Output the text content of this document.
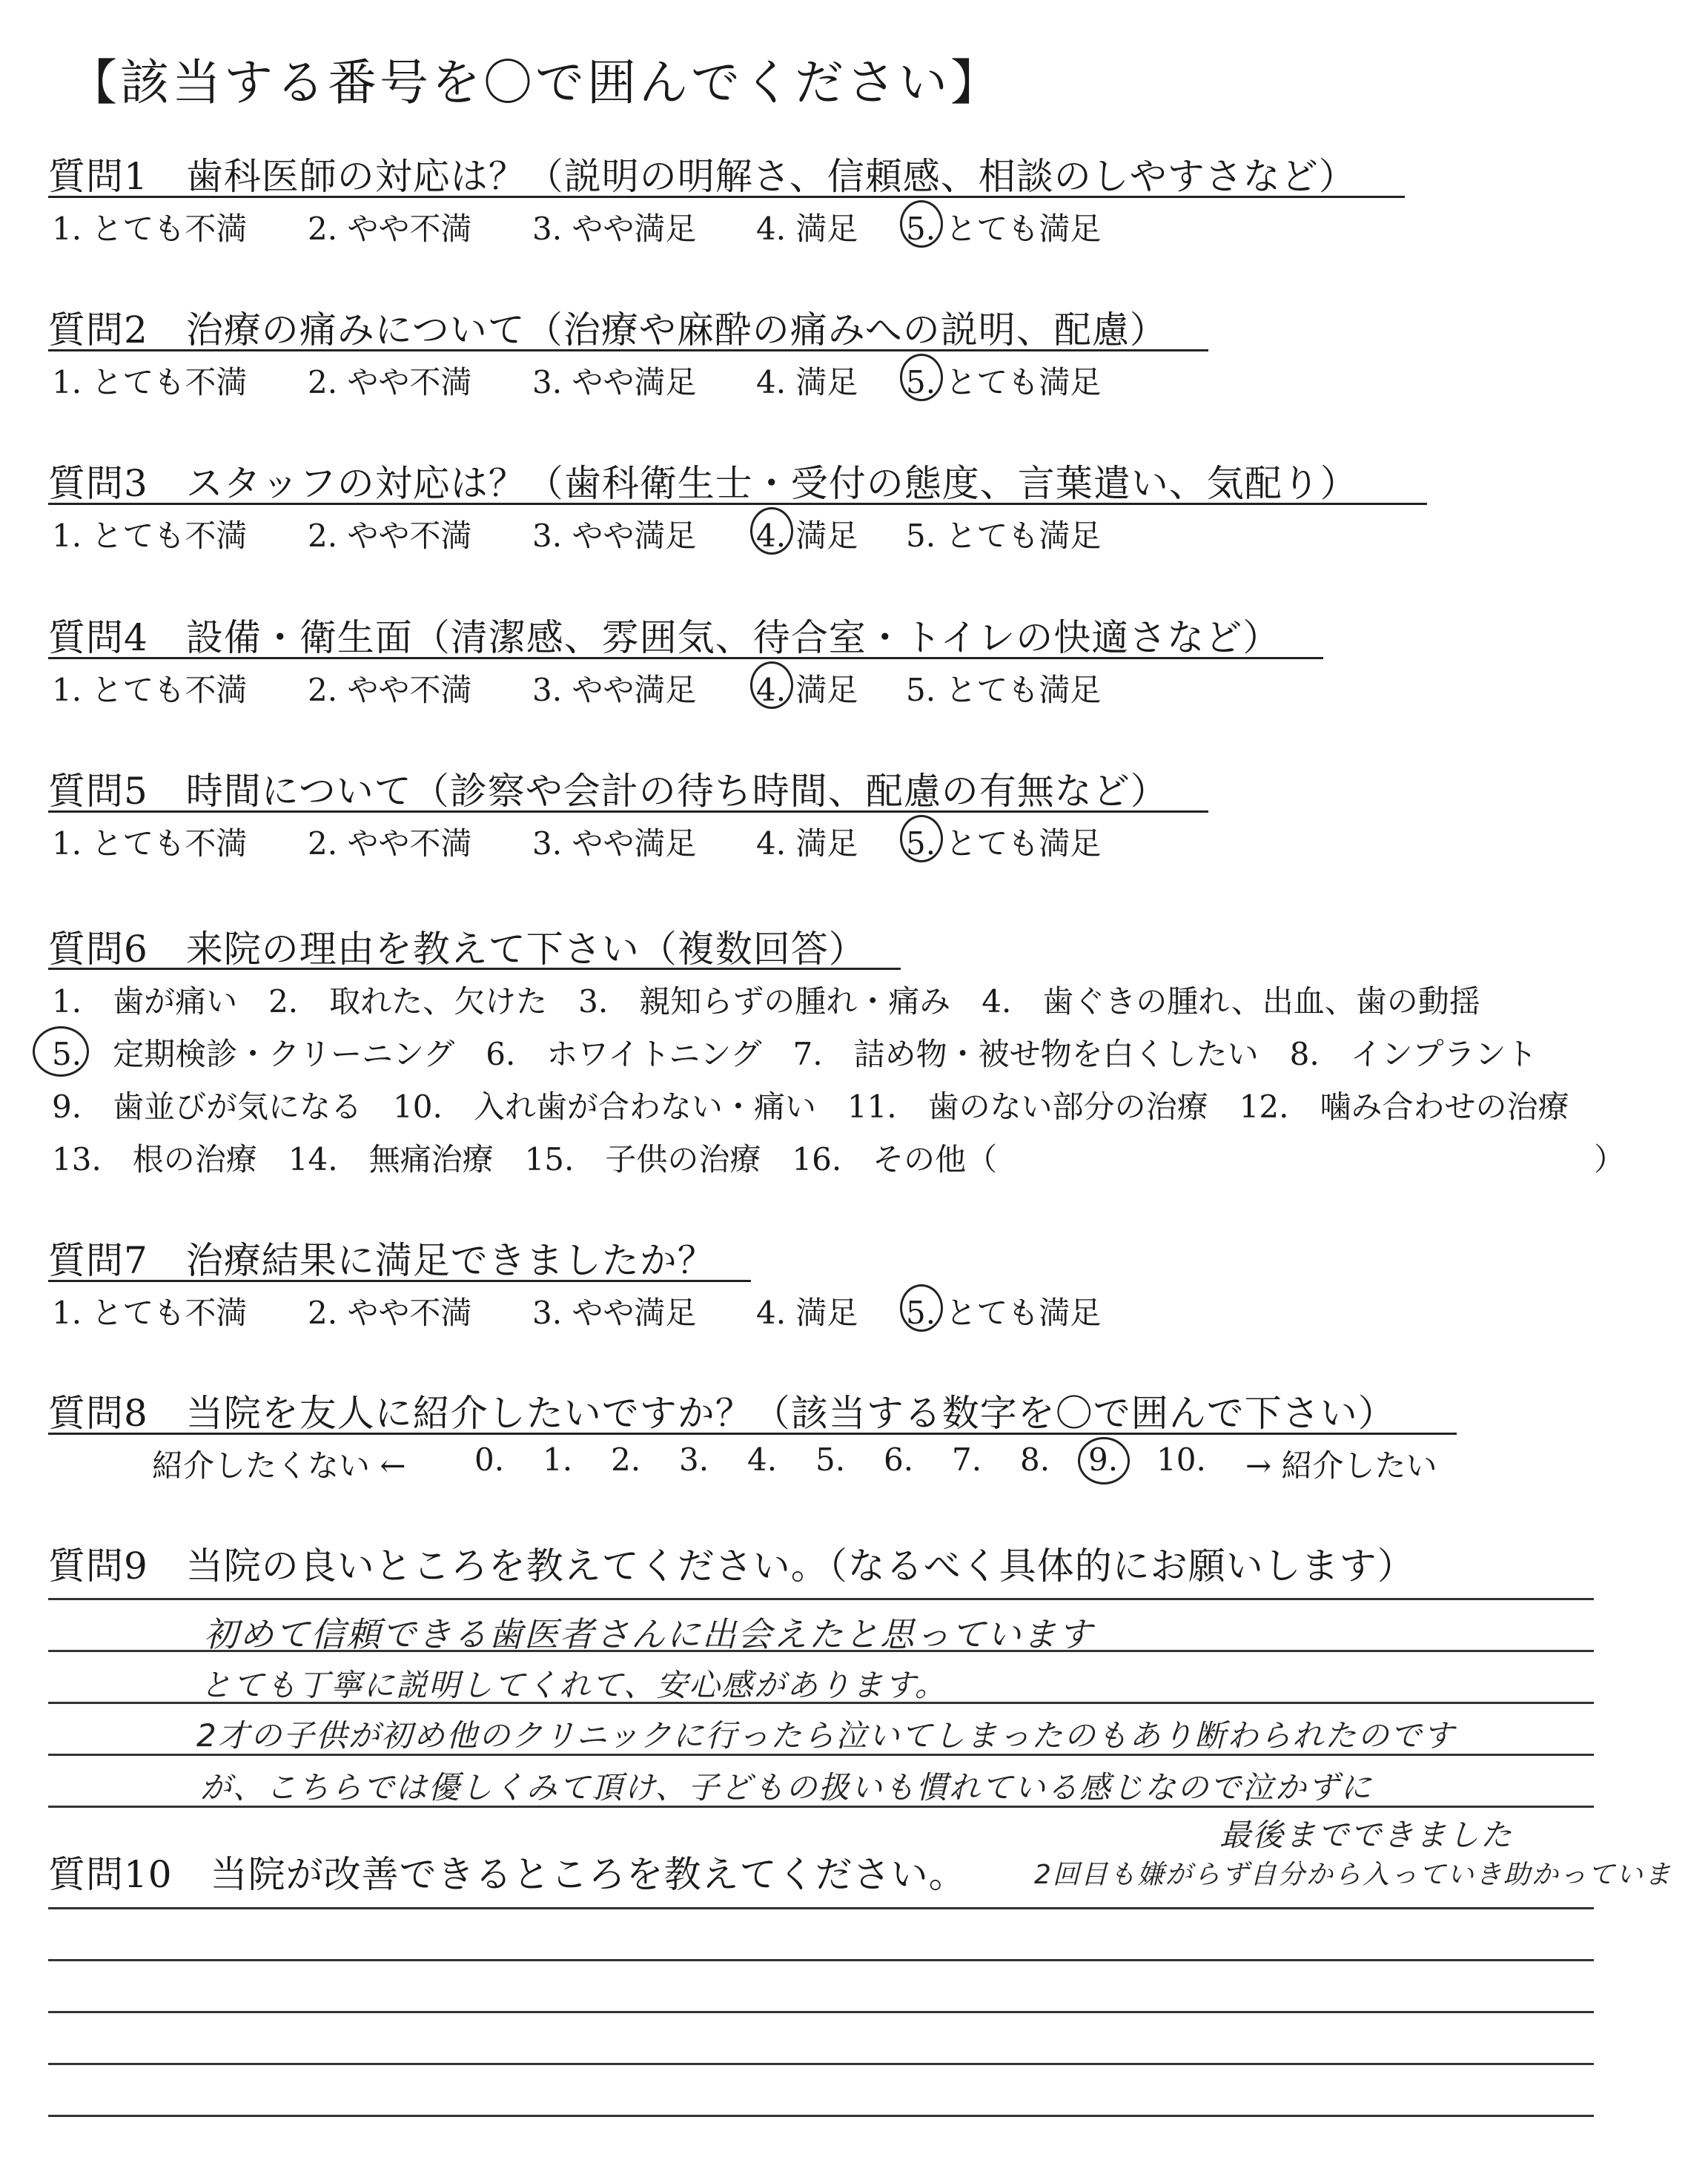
【該当する番号を〇で囲んでください】
質問1　歯科医師の対応は？（説明の明解さ、信頼感、相談のしやすさなど）
1. とても不満 2. やや不満 3. やや満足 4. 満足 5. とても満足
質問2　治療の痛みについて（治療や麻酔の痛みへの説明、配慮）
1. とても不満 2. やや不満 3. やや満足 4. 満足 5. とても満足
質問3　スタッフの対応は？（歯科衛生士・受付の態度、言葉遣い、気配り）
1. とても不満 2. やや不満 3. やや満足 4. 満足 5. とても満足
質問4　設備・衛生面（清潔感、雰囲気、待合室・トイレの快適さなど）
1. とても不満 2. やや不満 3. やや満足 4. 満足 5. とても満足
質問5　時間について（診察や会計の待ち時間、配慮の有無など）
1. とても不満 2. やや不満 3. やや満足 4. 満足 5. とても満足
質問6　来院の理由を教えて下さい（複数回答）
1.　歯が痛い　2.　取れた、欠けた　3.　親知らずの腫れ・痛み　4.　歯ぐきの腫れ、出血、歯の動揺
5.　定期検診・クリーニング　6.　ホワイトニング　7.　詰め物・被せ物を白くしたい　8.　インプラント
9.　歯並びが気になる　10.　入れ歯が合わない・痛い　11.　歯のない部分の治療　12.　噛み合わせの治療
13.　根の治療　14.　無痛治療　15.　子供の治療　16.　その他（	）
質問7　治療結果に満足できましたか？
質問8　当院を友人に紹介したいですか？（該当する数字を〇で囲んで下さい）
紹介したくない ← 0. 1. 2. 3. 4. 5. 6. 7. 8. 9. 10. → 紹介したい
質問9　当院の良いところを教えてください。（なるべく具体的にお願いします）
初めて信頼できる歯医者さんに出会えたと思っています
とても丁寧に説明してくれて、安心感があります。
2才の子供が初め他のクリニックに行ったら泣いてしまったのもあり断わられたのです
が、こちらでは優しくみて頂け、子どもの扱いも慣れている感じなので泣かずに
質問10　当院が改善できるところを教えてください。
最後までできました
2回目も嫌がらず自分から入っていき助かっていま
1. とても不満 2. やや不満 3. やや満足 4. 満足 5. とても満足
